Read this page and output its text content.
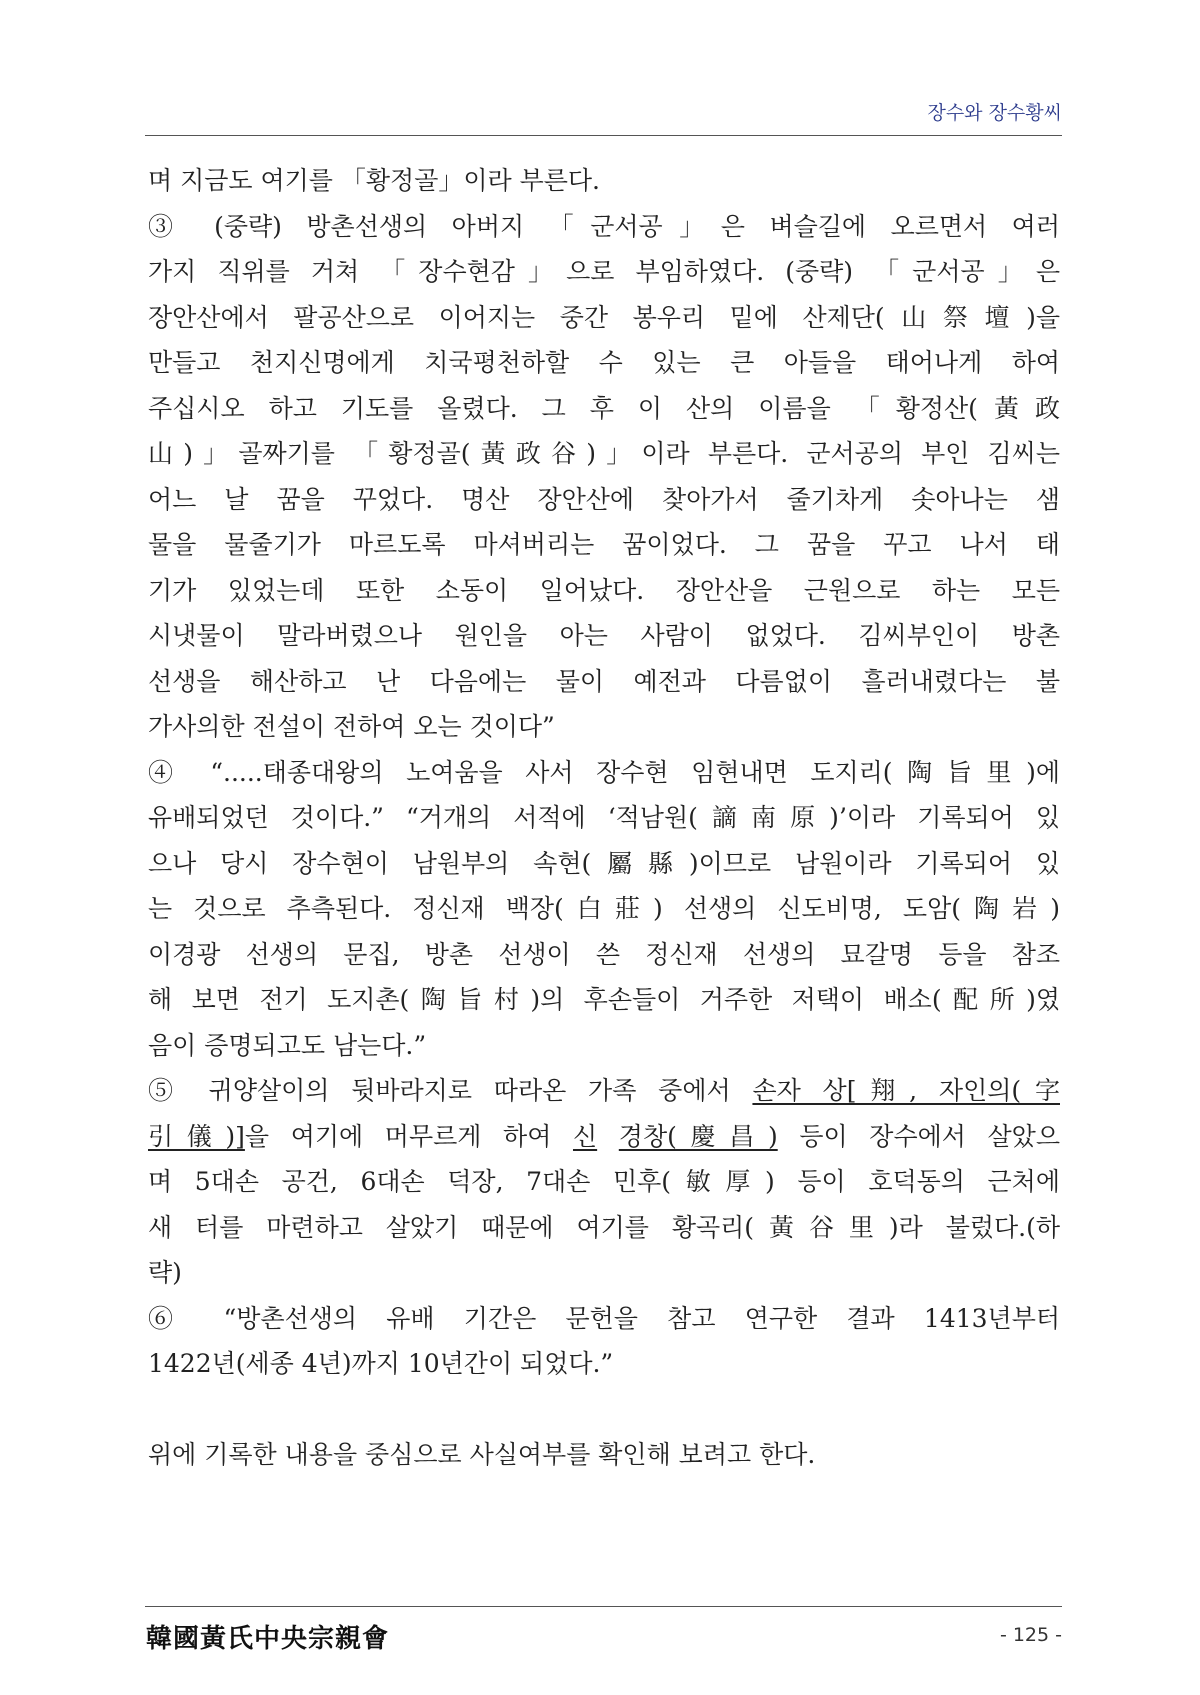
장수와 장수황씨
며 지금도 여기를 「황정골」이라 부른다.
③ (중략) 방촌선생의 아버지 「군서공」은 벼슬길에 오르면서 여러
가지 직위를 거쳐 「장수현감」으로 부임하였다. (중략) 「군서공」은
장안산에서 팔공산으로 이어지는 중간 봉우리 밑에 산제단(山祭壇)을
만들고 천지신명에게 치국평천하할 수 있는 큰 아들을 태어나게 하여
주십시오 하고 기도를 올렸다. 그 후 이 산의 이름을 「황정산(黃政
山)」골짜기를 「황정골(黃政谷)」이라 부른다. 군서공의 부인 김씨는
어느 날 꿈을 꾸었다. 명산 장안산에 찾아가서 줄기차게 솟아나는 샘
물을 물줄기가 마르도록 마셔버리는 꿈이었다. 그 꿈을 꾸고 나서 태
기가 있었는데 또한 소동이 일어났다. 장안산을 근원으로 하는 모든
시냇물이 말라버렸으나 원인을 아는 사람이 없었다. 김씨부인이 방촌
선생을 해산하고 난 다음에는 물이 예전과 다름없이 흘러내렸다는 불
가사의한 전설이 전하여 오는 것이다”
④ “.....태종대왕의 노여움을 사서 장수현 임현내면 도지리(陶旨里)에
유배되었던 것이다.” “거개의 서적에 ‘적남원(謫南原)’이라 기록되어 있
으나 당시 장수현이 남원부의 속현(屬縣)이므로 남원이라 기록되어 있
는 것으로 추측된다. 정신재 백장(白莊) 선생의 신도비명, 도암(陶岩)
이경광 선생의 문집, 방촌 선생이 쓴 정신재 선생의 묘갈명 등을 참조
해 보면 전기 도지촌(陶旨村)의 후손들이 거주한 저택이 배소(配所)였
음이 증명되고도 남는다.”
⑤ 귀양살이의 뒷바라지로 따라온 가족 중에서 손자 상[翔, 자인의(字
引儀)]을 여기에 머무르게 하여 신 경창(慶昌) 등이 장수에서 살았으
며 5대손 공건, 6대손 덕장, 7대손 민후(敏厚) 등이 호덕동의 근처에
새 터를 마련하고 살았기 때문에 여기를 황곡리(黃谷里)라 불렀다.(하
략)
⑥ “방촌선생의 유배 기간은 문헌을 참고 연구한 결과 1413년부터
1422년(세종 4년)까지 10년간이 되었다.”
위에 기록한 내용을 중심으로 사실여부를 확인해 보려고 한다.
韓國黃氏中央宗親會	- 125 -
